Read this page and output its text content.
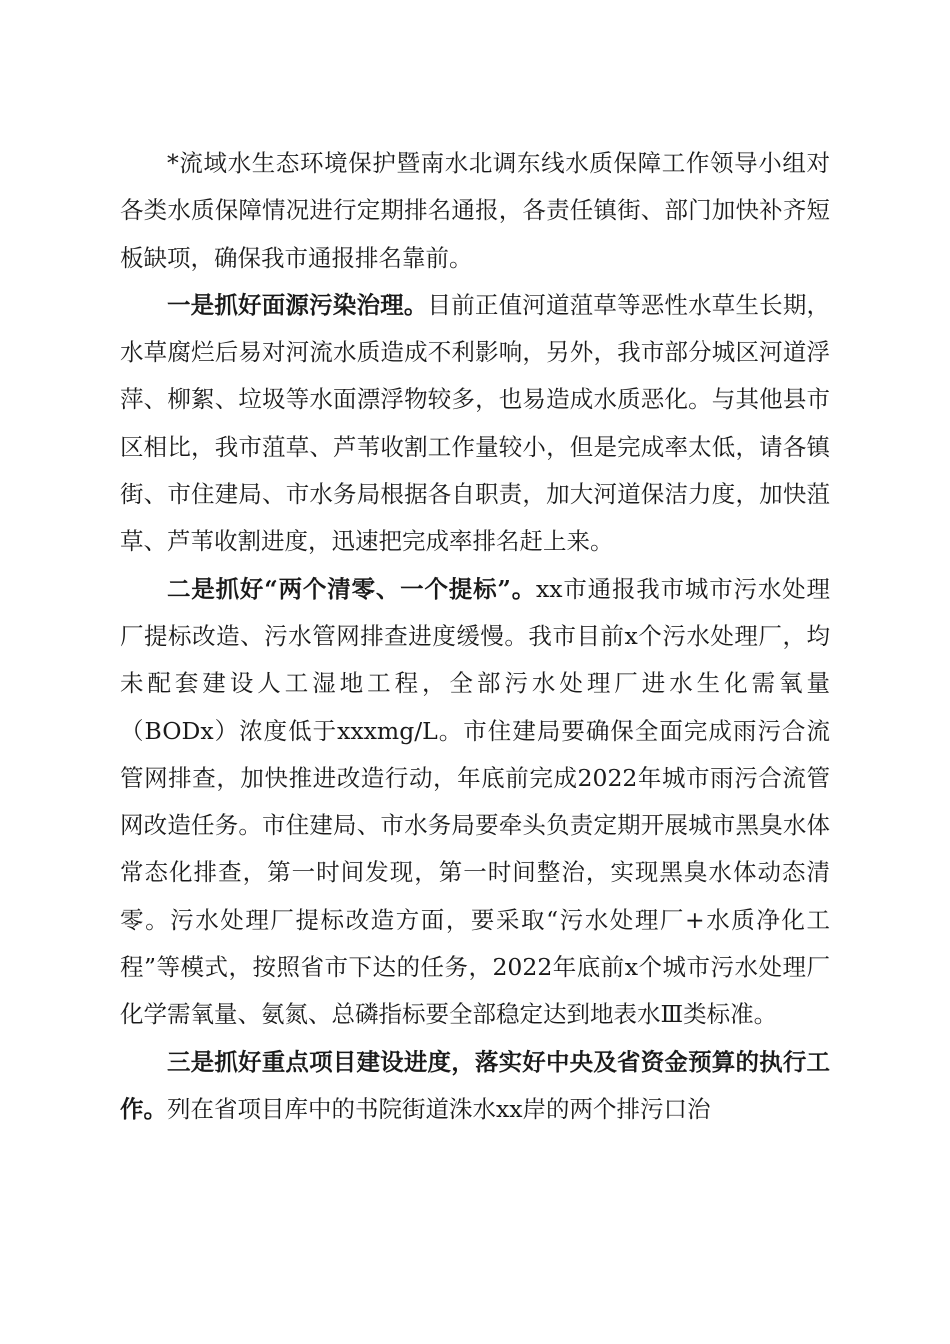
*流域水生态环境保护暨南水北调东线水质保障工作领导小组对各类水质保障情况进行定期排名通报，各责任镇街、部门加快补齐短板缺项，确保我市通报排名靠前。

一是抓好面源污染治理。目前正值河道菹草等恶性水草生长期，水草腐烂后易对河流水质造成不利影响，另外，我市部分城区河道浮萍、柳絮、垃圾等水面漂浮物较多，也易造成水质恶化。与其他县市区相比，我市菹草、芦苇收割工作量较小，但是完成率太低，请各镇街、市住建局、市水务局根据各自职责，加大河道保洁力度，加快菹草、芦苇收割进度，迅速把完成率排名赶上来。

二是抓好“两个清零、一个提标”。xx市通报我市城市污水处理厂提标改造、污水管网排查进度缓慢。我市目前x个污水处理厂，均未配套建设人工湿地工程，全部污水处理厂进水生化需氧量（BODx）浓度低于xxxmg/L。市住建局要确保全面完成雨污合流管网排查，加快推进改造行动，年底前完成2022年城市雨污合流管网改造任务。市住建局、市水务局要牵头负责定期开展城市黑臭水体常态化排查，第一时间发现，第一时间整治，实现黑臭水体动态清零。污水处理厂提标改造方面，要采取“污水处理厂+水质净化工程”等模式，按照省市下达的任务，2022年底前x个城市污水处理厂化学需氧量、氨氮、总磷指标要全部稳定达到地表水Ⅲ类标准。

三是抓好重点项目建设进度，落实好中央及省资金预算的执行工作。列在省项目库中的书院街道洙水xx岸的两个排污口治
